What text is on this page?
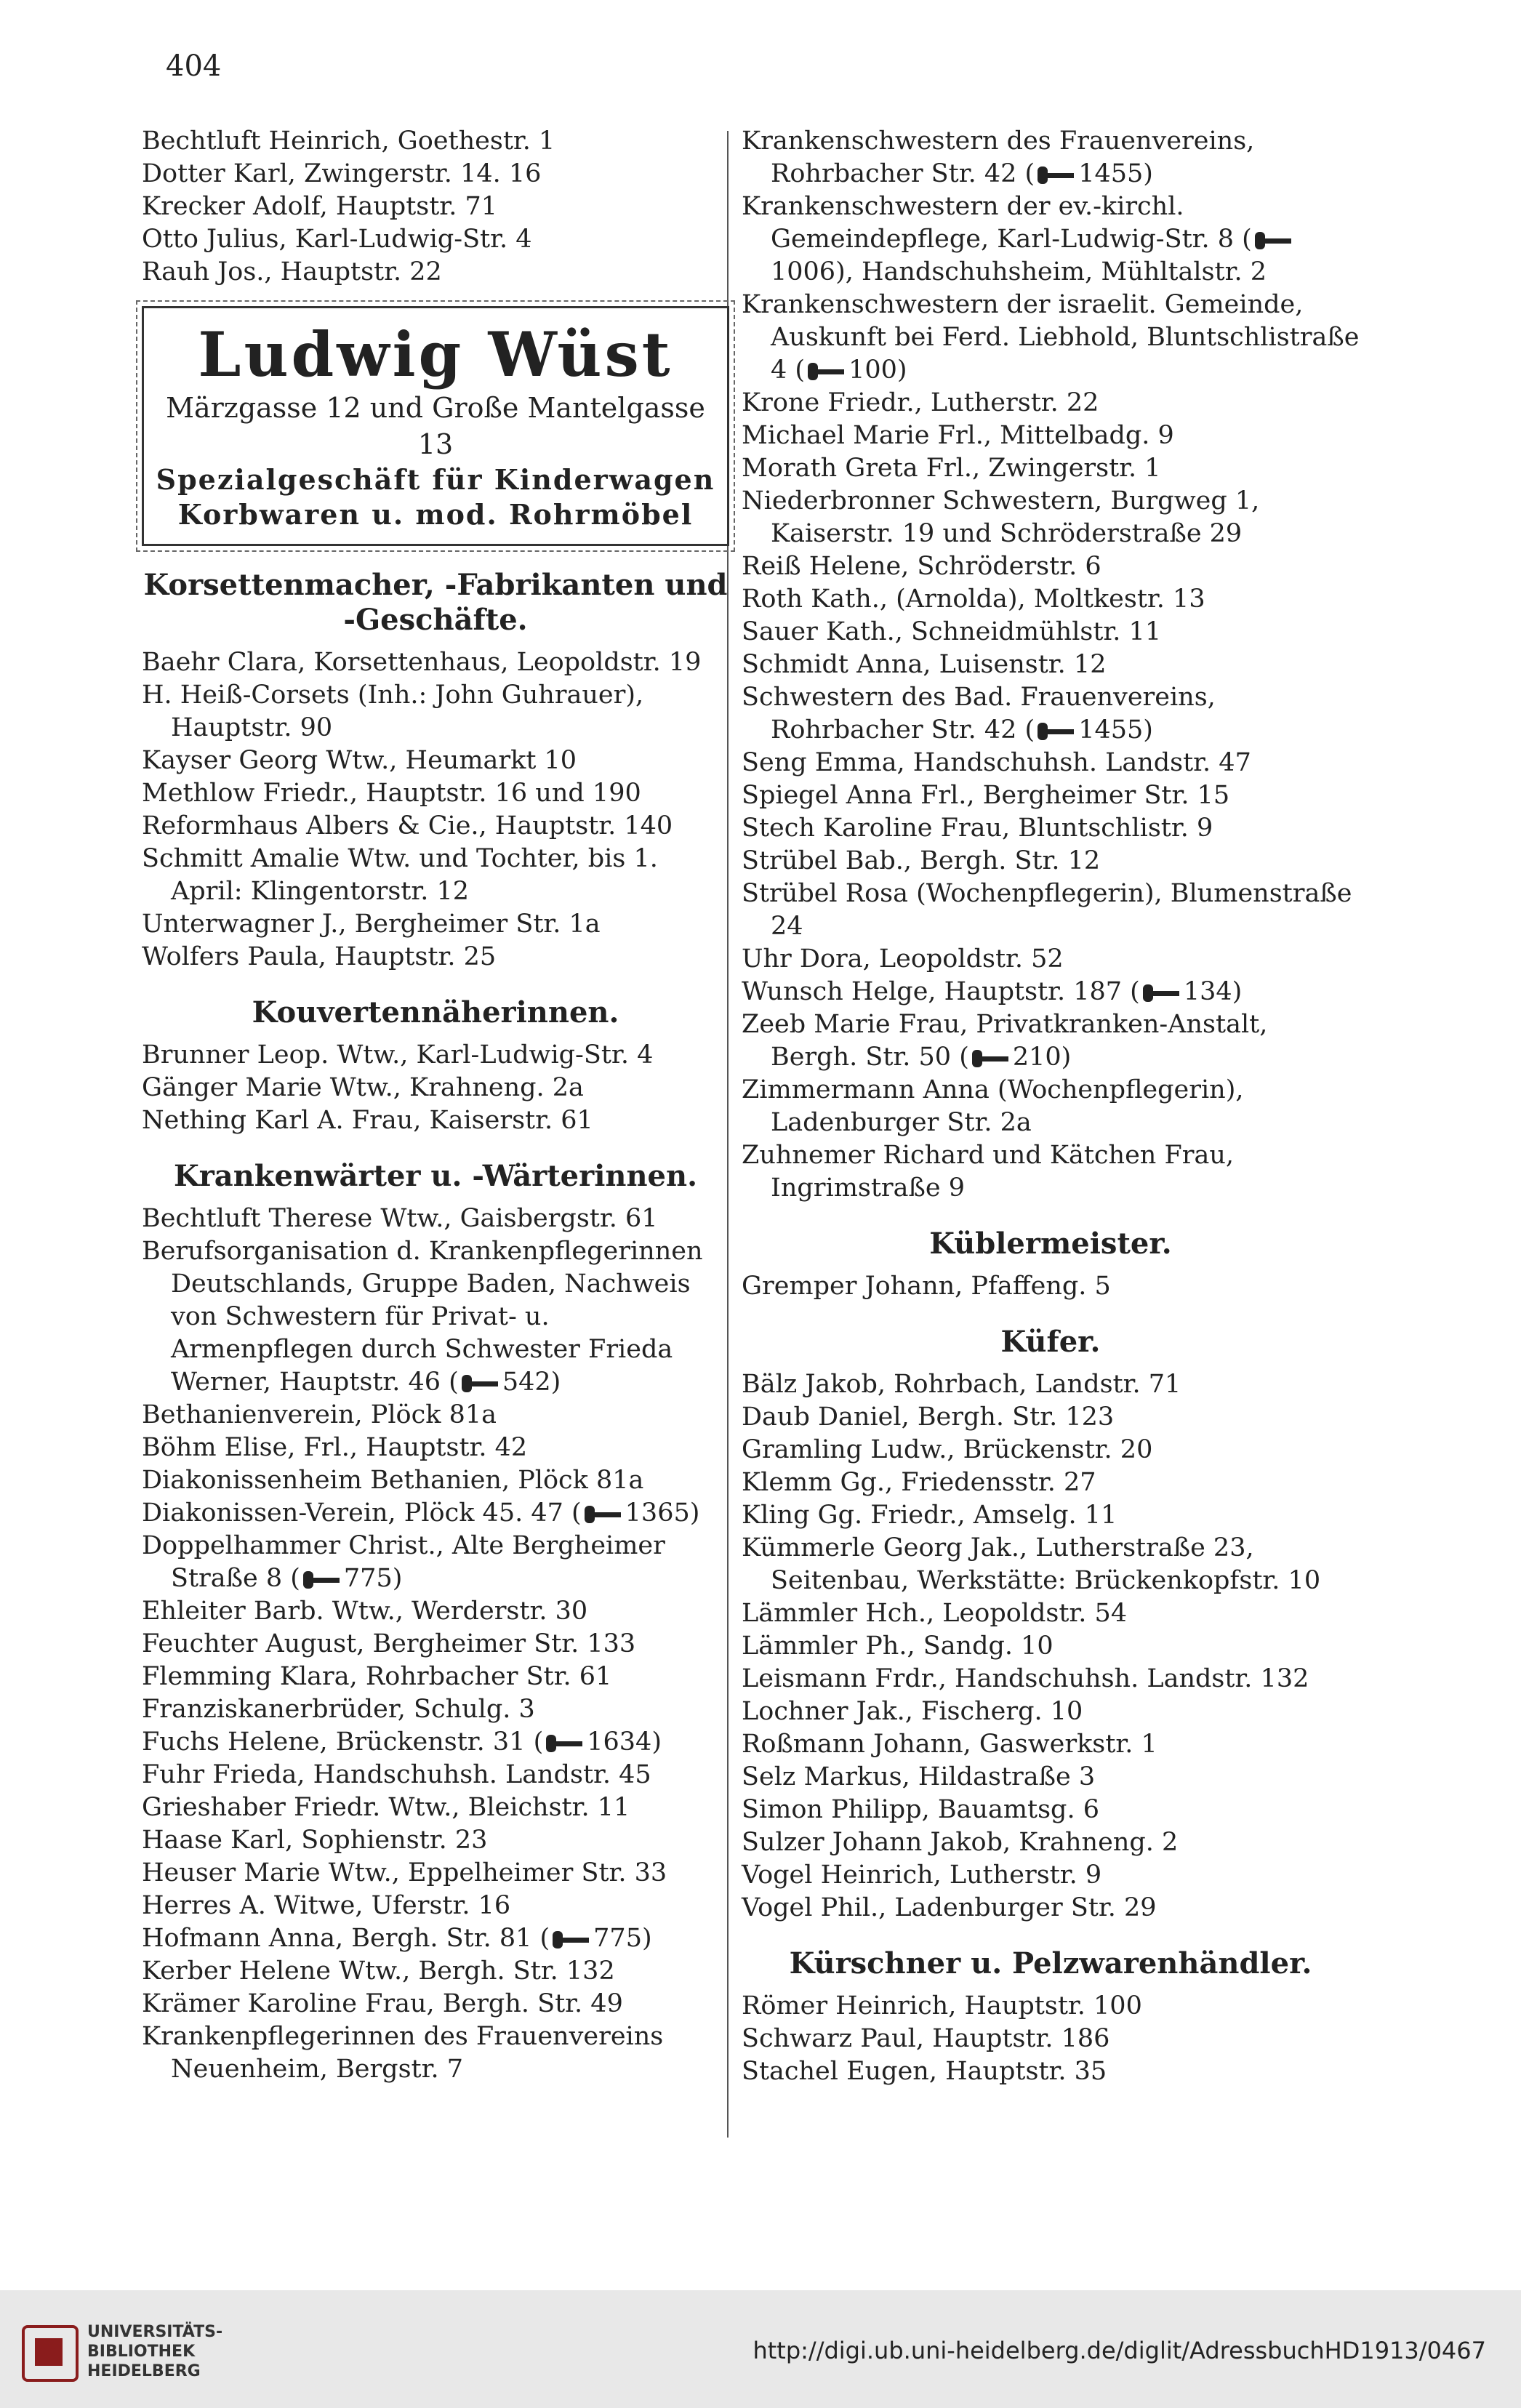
404

Bechtluft Heinrich, Goethestr. 1

Dotter Karl, Zwingerstr. 14. 16

Krecker Adolf, Hauptstr. 71

Otto Julius, Karl-Ludwig-Str. 4

Rauh Jos., Hauptstr. 22

Ludwig Wüst
Märzgasse 12 und Große Mantelgasse 13
Spezialgeschäft für Kinderwagen
Korbwaren u. mod. Rohrmöbel
Korsettenmacher, -Fabrikanten und -Geschäfte.

Baehr Clara, Korsettenhaus, Leopoldstr. 19

H. Heiß-Corsets (Inh.: John Guhrauer), Hauptstr. 90

Kayser Georg Wtw., Heumarkt 10

Methlow Friedr., Hauptstr. 16 und 190

Reformhaus Albers & Cie., Hauptstr. 140

Schmitt Amalie Wtw. und Tochter, bis 1. April: Klingentorstr. 12

Unterwagner J., Bergheimer Str. 1a

Wolfers Paula, Hauptstr. 25

Kouvertennäherinnen.

Brunner Leop. Wtw., Karl-Ludwig-Str. 4

Gänger Marie Wtw., Krahneng. 2a

Nething Karl A. Frau, Kaiserstr. 61

Krankenwärter u. -Wärterinnen.

Bechtluft Therese Wtw., Gaisbergstr. 61

Berufsorganisation d. Krankenpflegerinnen Deutschlands, Gruppe Baden, Nachweis von Schwestern für Privat- u. Armenpflegen durch Schwester Frieda Werner, Hauptstr. 46 ( 542)

Bethanienverein, Plöck 81a

Böhm Elise, Frl., Hauptstr. 42

Diakonissenheim Bethanien, Plöck 81a

Diakonissen-Verein, Plöck 45. 47 ( 1365)

Doppelhammer Christ., Alte Bergheimer Straße 8 ( 775)

Ehleiter Barb. Wtw., Werderstr. 30

Feuchter August, Bergheimer Str. 133

Flemming Klara, Rohrbacher Str. 61

Franziskanerbrüder, Schulg. 3

Fuchs Helene, Brückenstr. 31 ( 1634)

Fuhr Frieda, Handschuhsh. Landstr. 45

Grieshaber Friedr. Wtw., Bleichstr. 11

Haase Karl, Sophienstr. 23

Heuser Marie Wtw., Eppelheimer Str. 33

Herres A. Witwe, Uferstr. 16

Hofmann Anna, Bergh. Str. 81 ( 775)

Kerber Helene Wtw., Bergh. Str. 132

Krämer Karoline Frau, Bergh. Str. 49

Krankenpflegerinnen des Frauenvereins Neuenheim, Bergstr. 7

Krankenschwestern des Frauenvereins, Rohrbacher Str. 42 ( 1455)

Krankenschwestern der ev.-kirchl. Gemeindepflege, Karl-Ludwig-Str. 8 (1006), Handschuhsheim, Mühltalstr. 2

Krankenschwestern der israelit. Gemeinde, Auskunft bei Ferd. Liebhold, Bluntschlistraße 4 ( 100)

Krone Friedr., Lutherstr. 22

Michael Marie Frl., Mittelbadg. 9

Morath Greta Frl., Zwingerstr. 1

Niederbronner Schwestern, Burgweg 1, Kaiserstr. 19 und Schröderstraße 29

Reiß Helene, Schröderstr. 6

Roth Kath., (Arnolda), Moltkestr. 13

Sauer Kath., Schneidmühlstr. 11

Schmidt Anna, Luisenstr. 12

Schwestern des Bad. Frauenvereins, Rohrbacher Str. 42 ( 1455)

Seng Emma, Handschuhsh. Landstr. 47

Spiegel Anna Frl., Bergheimer Str. 15

Stech Karoline Frau, Bluntschlistr. 9

Strübel Bab., Bergh. Str. 12

Strübel Rosa (Wochenpflegerin), Blumenstraße 24

Uhr Dora, Leopoldstr. 52

Wunsch Helge, Hauptstr. 187 ( 134)

Zeeb Marie Frau, Privatkranken-Anstalt, Bergh. Str. 50 ( 210)

Zimmermann Anna (Wochenpflegerin), Ladenburger Str. 2a

Zuhnemer Richard und Kätchen Frau, Ingrimstraße 9

Küblermeister.

Gremper Johann, Pfaffeng. 5

Küfer.

Bälz Jakob, Rohrbach, Landstr. 71

Daub Daniel, Bergh. Str. 123

Gramling Ludw., Brückenstr. 20

Klemm Gg., Friedensstr. 27

Kling Gg. Friedr., Amselg. 11

Kümmerle Georg Jak., Lutherstraße 23, Seitenbau, Werkstätte: Brückenkopfstr. 10

Lämmler Hch., Leopoldstr. 54

Lämmler Ph., Sandg. 10

Leismann Frdr., Handschuhsh. Landstr. 132

Lochner Jak., Fischerg. 10

Roßmann Johann, Gaswerkstr. 1

Selz Markus, Hildastraße 3

Simon Philipp, Bauamtsg. 6

Sulzer Johann Jakob, Krahneng. 2

Vogel Heinrich, Lutherstr. 9

Vogel Phil., Ladenburger Str. 29

Kürschner u. Pelzwarenhändler.

Römer Heinrich, Hauptstr. 100

Schwarz Paul, Hauptstr. 186

Stachel Eugen, Hauptstr. 35

UNIVERSITÄTS-
BIBLIOTHEK
HEIDELBERG
http://digi.ub.uni-heidelberg.de/diglit/AdressbuchHD1913/0467
